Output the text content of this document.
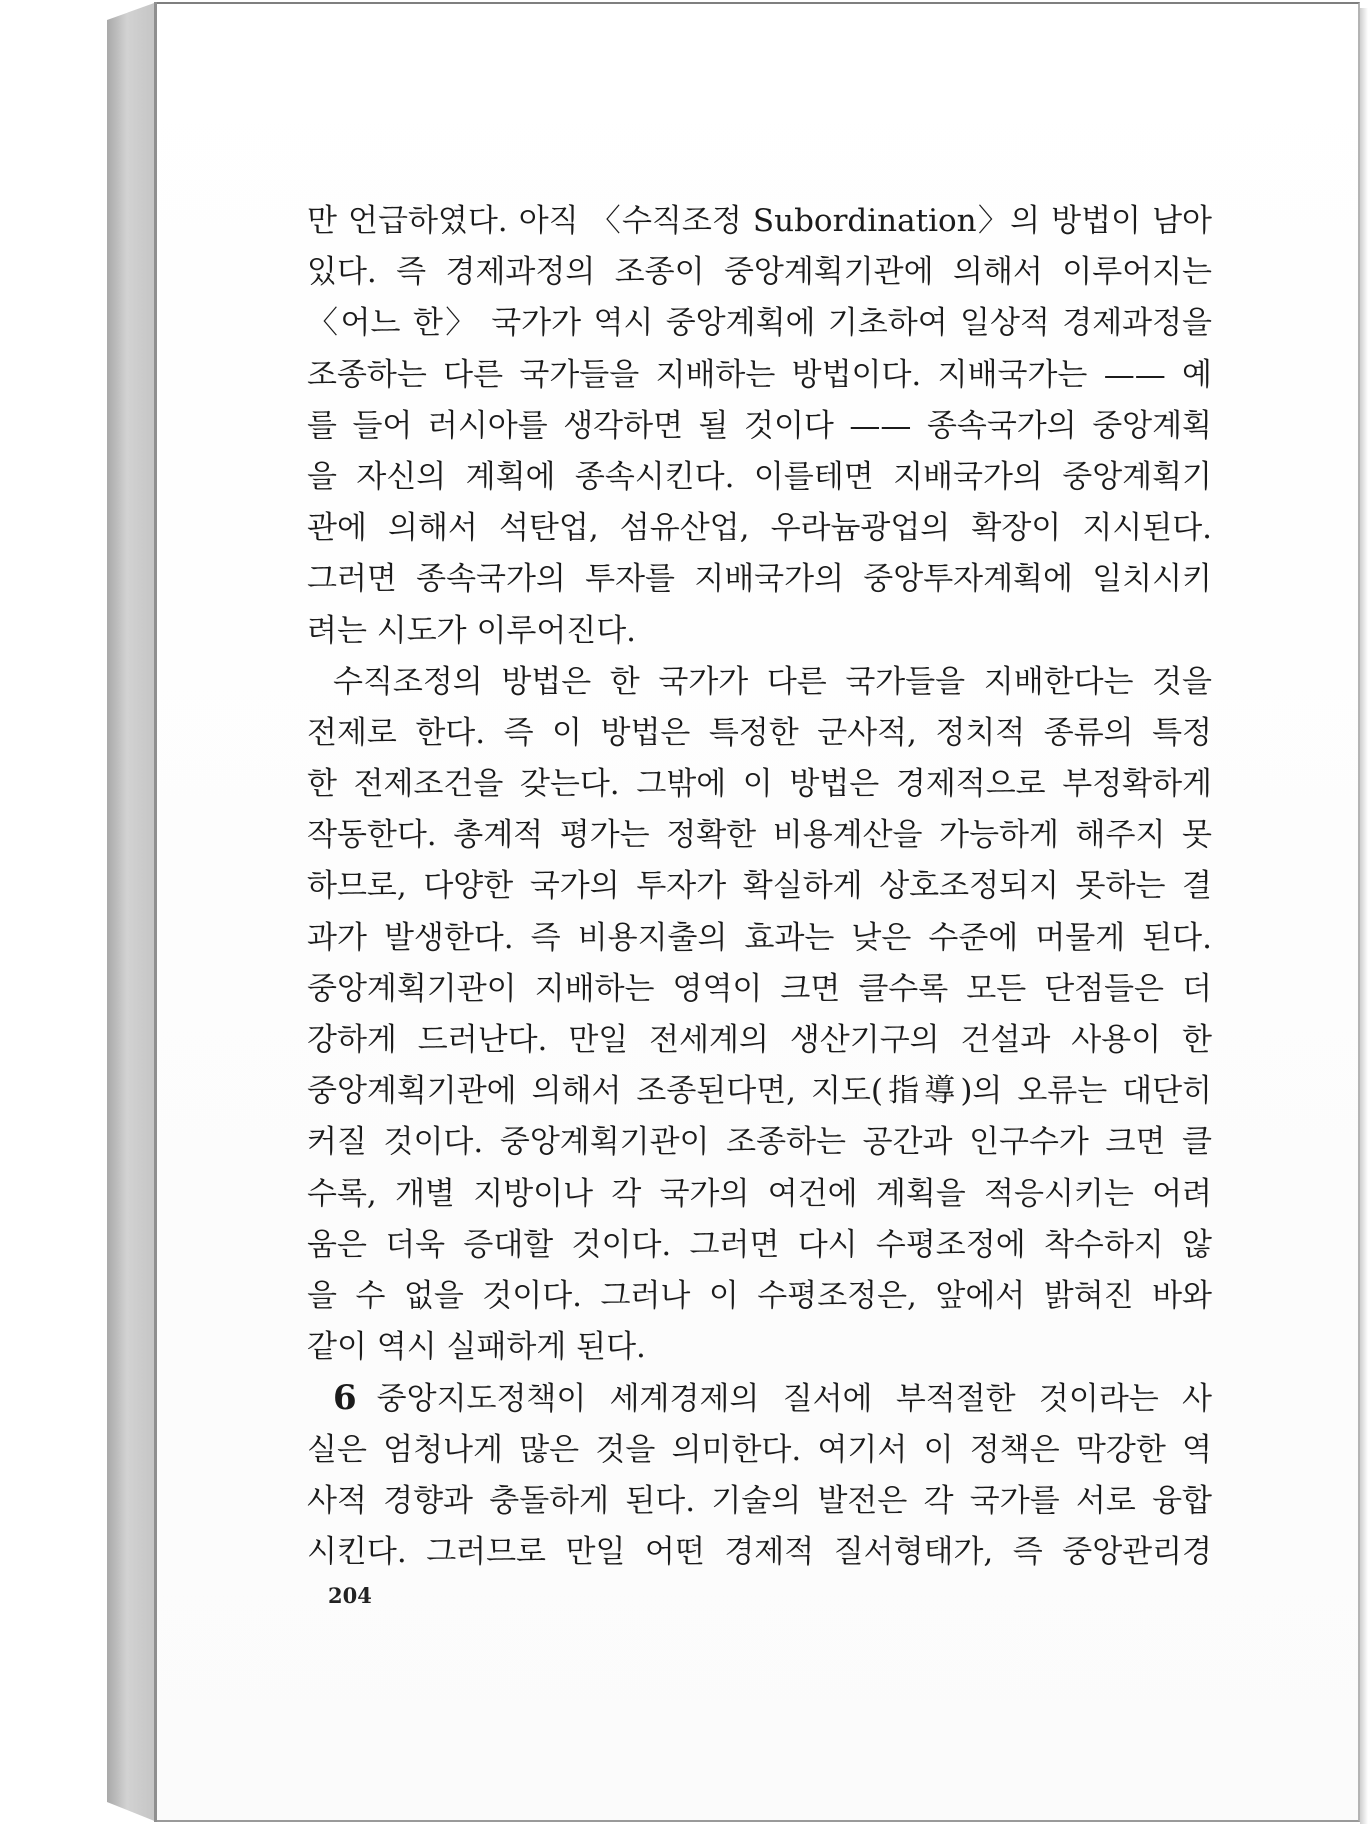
만 언급하였다. 아직 〈수직조정 Subordination〉의 방법이 남아
있다. 즉 경제과정의 조종이 중앙계획기관에 의해서 이루어지는
〈어느 한〉 국가가 역시 중앙계획에 기초하여 일상적 경제과정을
조종하는 다른 국가들을 지배하는 방법이다. 지배국가는 —— 예
를 들어 러시아를 생각하면 될 것이다 —— 종속국가의 중앙계획
을 자신의 계획에 종속시킨다. 이를테면 지배국가의 중앙계획기
관에 의해서 석탄업, 섬유산업, 우라늄광업의 확장이 지시된다.
그러면 종속국가의 투자를 지배국가의 중앙투자계획에 일치시키
려는 시도가 이루어진다.
수직조정의 방법은 한 국가가 다른 국가들을 지배한다는 것을
전제로 한다. 즉 이 방법은 특정한 군사적, 정치적 종류의 특정
한 전제조건을 갖는다. 그밖에 이 방법은 경제적으로 부정확하게
작동한다. 총계적 평가는 정확한 비용계산을 가능하게 해주지 못
하므로, 다양한 국가의 투자가 확실하게 상호조정되지 못하는 결
과가 발생한다. 즉 비용지출의 효과는 낮은 수준에 머물게 된다.
중앙계획기관이 지배하는 영역이 크면 클수록 모든 단점들은 더
강하게 드러난다. 만일 전세계의 생산기구의 건설과 사용이 한
중앙계획기관에 의해서 조종된다면, 지도(指導)의 오류는 대단히
커질 것이다. 중앙계획기관이 조종하는 공간과 인구수가 크면 클
수록, 개별 지방이나 각 국가의 여건에 계획을 적응시키는 어려
움은 더욱 증대할 것이다. 그러면 다시 수평조정에 착수하지 않
을 수 없을 것이다. 그러나 이 수평조정은, 앞에서 밝혀진 바와
같이 역시 실패하게 된다.
6 중앙지도정책이 세계경제의 질서에 부적절한 것이라는 사
실은 엄청나게 많은 것을 의미한다. 여기서 이 정책은 막강한 역
사적 경향과 충돌하게 된다. 기술의 발전은 각 국가를 서로 융합
시킨다. 그러므로 만일 어떤 경제적 질서형태가, 즉 중앙관리경
204
